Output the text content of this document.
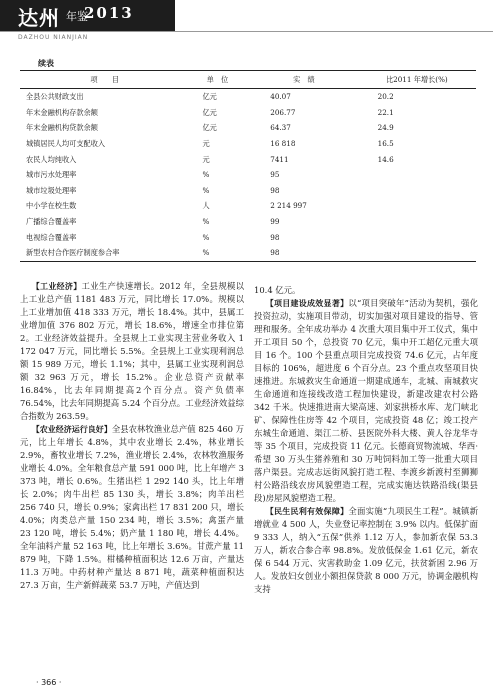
达州 年鉴
2013
DAZHOU NIANJIAN
续表
项　　目	单　位	实　绩	比2011 年增长(%)
全县公共财政支出	亿元	40.07	20.2
年末金融机构存款余额	亿元	206.77	22.1
年末金融机构贷款余额	亿元	64.37	24.9
城镇居民人均可支配收入	元	16 818	16.5
农民人均纯收入	元	7411	14.6
城市污水处理率	%	95	
城市垃圾处理率	%	98	
中小学在校生数	人	2 214 997	
广播综合覆盖率	%	99	
电视综合覆盖率	%	98	
新型农村合作医疗制度参合率	%	98	

【 工业经济 】 工业生产快速增长。2012 年，全县规模以上工业总产值 1181 483 万元，同比增长 17.0%。规模以上工业增加值 418 333 万元，增长 18.4%。其中，县属工业增加值 376 802 万元，增长 18.6%，增速全市排位第2。工业经济效益提升。全县规上工业实现主营业务收入 1 172 047 万元，同比增长 5.5%。全县规上工业实现利润总额 15 989 万元，增长 1.1%；其中，县属工业实现利润总额 32 963 万元，增长 15.2%。企业总资产贡献率 16.84%，比去年同期提高2个百分点。资产负债率 76.54%，比去年同期提高 5.24 个百分点。工业经济效益综合指数为 263.59。

【 农业经济运行良好 】 全县农林牧渔业总产值 825 460 万元，比上年增长 4.8%，其中农业增长 2.4%，林业增长 2.9%，畜牧业增长 7.2%，渔业增长 2.4%，农林牧渔服务业增长 4.0%。全年粮食总产量 591 000 吨，比上年增产 3 373 吨，增长 0.6%。生猪出栏 1 292 140 头，比上年增长 2.0%；肉牛出栏 85 130 头，增长 3.8%；肉羊出栏 256 740 只，增长 0.9%；家禽出栏 17 831 200 只，增长 4.0%；肉类总产量 150 234 吨，增长 3.5%；禽蛋产量 23 120 吨，增长 5.4%；奶产量 1 180 吨，增长 4.4%。全年油料产量 52 163 吨，比上年增长 3.6%。甘蔗产量 11 879 吨，下降 1.5%。柑橘种植面积达 12.6 万亩，产量达 11.3 万吨。中药材种产量达 8 871 吨，蔬菜种植面积达 27.3 万亩，生产新鲜蔬菜 53.7 万吨，产值达到

10.4 亿元。

【 项目建设成效显著 】 以“项目突破年”活动为契机，强化投资拉动，实施项目带动，切实加强对项目建设的指导、管理和服务。全年成功举办 4 次重大项目集中开工仪式，集中开工项目 50 个，总投资 70 亿元，集中开工超亿元重大项目 16 个。100 个县重点项目完成投资 74.6 亿元，占年度目标的 106%，超进度 6 个百分点。23 个重点攻坚项目快速推进。东城救灾生命通道一期建成通车，北城、南城救灾生命通道和连接线改造工程加快建设，新建改建农村公路 342 千米。快速推进南大梁高速、刘家拱桥水库、龙门峡北矿、保障性住房等 42 个项目，完成投资 48 亿；竣工投产东城生命通道、渠江二桥、县医院外科大楼、黄人谷龙华寺等 35 个项目，完成投资 11 亿元。长德商贸物流城、华西·希望 30 万头生猪养殖和 30 万吨饲料加工等一批重大项目落户渠县。完成志远街风貌打造工程、李渡乡新渡村至狮狮村公路沿线农房风貌塑造工程，完成实施达铁路沿线(渠县段)房屋风貌塑造工程。

【 民生民利有效保障 】 全面实施“九项民生工程”。城镇新增就业 4 500 人，失业登记率控制在 3.9% 以内。低保扩面 9 333 人，纳入“五保”供养 1.12 万人，参加新农保 53.3 万人，新农合参合率 98.8%。发放低保金 1.61 亿元，新农保 6 544 万元、灾害救助金 1.09 亿元，扶贫新困 2.96 万人。发放妇女创业小额担保贷款 8 000 万元，协调金融机构支持

· 366 ·
